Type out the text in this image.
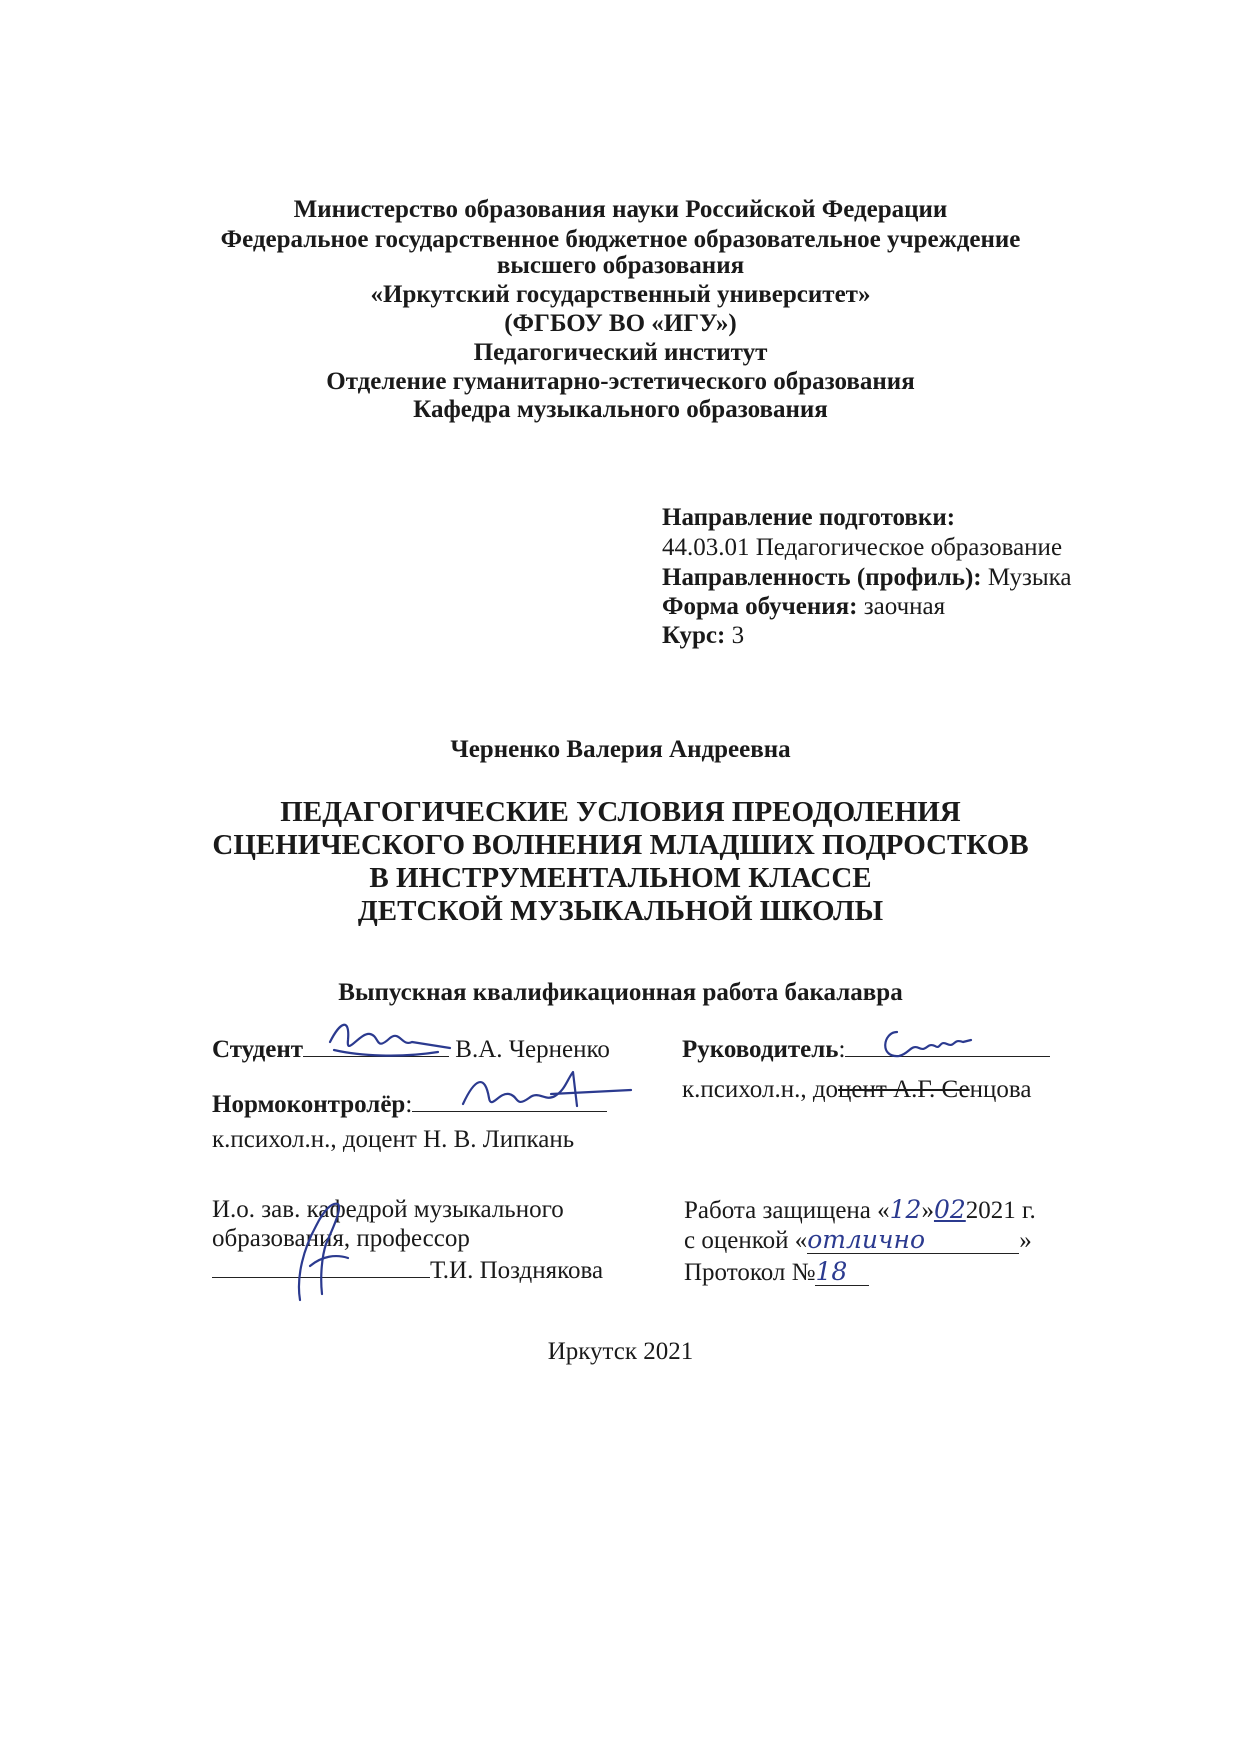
Министерство образования науки Российской Федерации
Федеральное государственное бюджетное образовательное учреждение
высшего образования
«Иркутский государственный университет»
(ФГБОУ ВО «ИГУ»)
Педагогический институт
Отделение гуманитарно-эстетического образования
Кафедра музыкального образования
Направление подготовки:
44.03.01 Педагогическое образование
Направленность (профиль): Музыка
Форма обучения: заочная
Курс: 3
Черненко Валерия Андреевна
ПЕДАГОГИЧЕСКИЕ УСЛОВИЯ ПРЕОДОЛЕНИЯ
СЦЕНИЧЕСКОГО ВОЛНЕНИЯ МЛАДШИХ ПОДРОСТКОВ
В ИНСТРУМЕНТАЛЬНОМ КЛАССЕ
ДЕТСКОЙ МУЗЫКАЛЬНОЙ ШКОЛЫ
Выпускная квалификационная работа бакалавра
Студент	В.А. Черненко	Руководитель:
к.психол.н., доцент А.Г. Сенцова
Нормоконтролёр:
к.психол.н., доцент Н. В. Липкань
И.о. зав. кафедрой музыкального
образования, профессор
Т.И. Позднякова
Работа защищена «12»022021 г.
с оценкой «отлично	»
Протокол №18
Иркутск 2021
